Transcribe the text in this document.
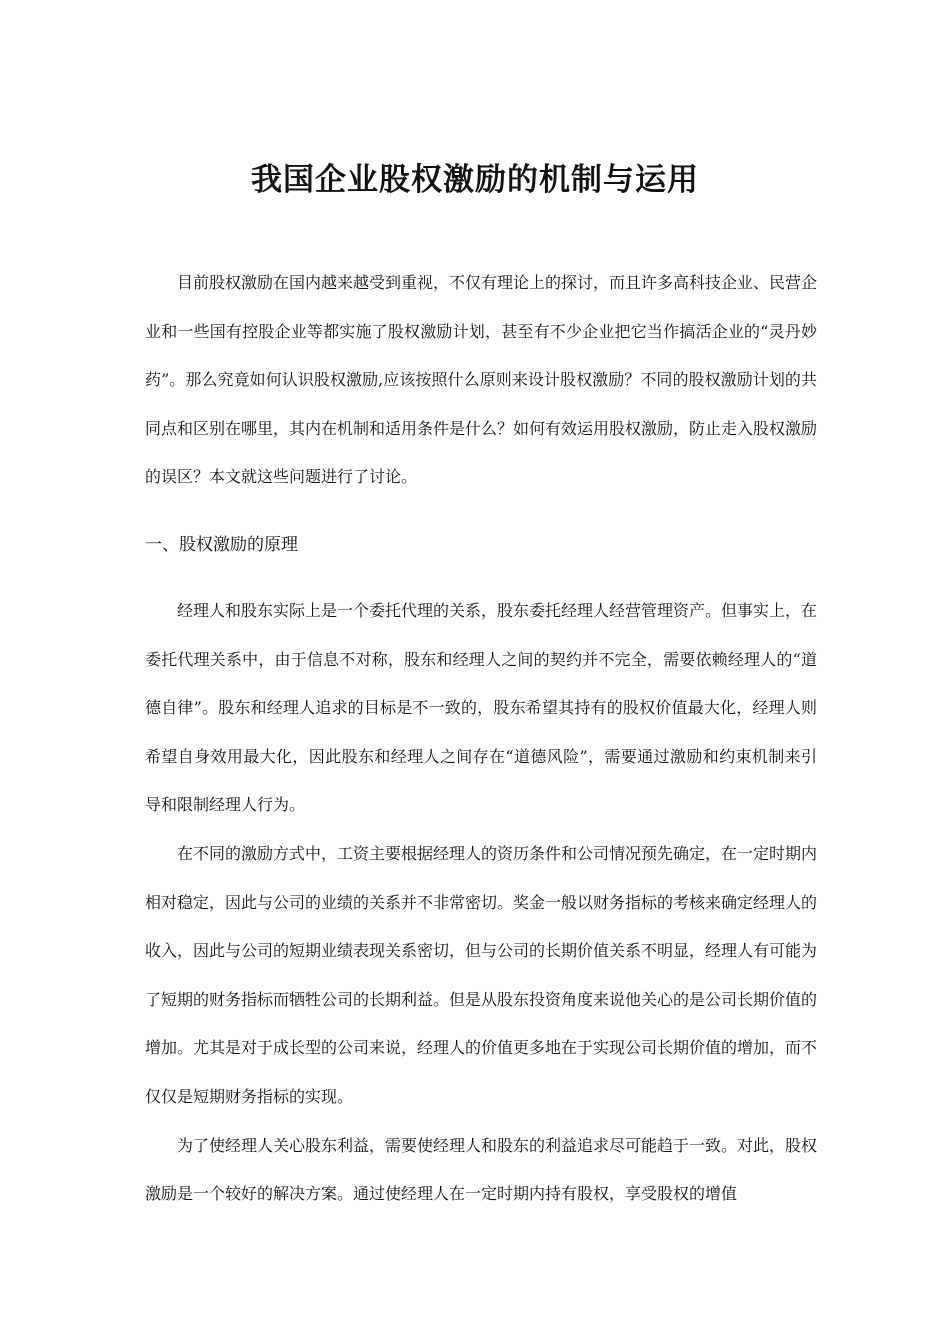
我国企业股权激励的机制与运用

目前股权激励在国内越来越受到重视，不仅有理论上的探讨，而且许多高科技企业、民营企业和一些国有控股企业等都实施了股权激励计划，甚至有不少企业把它当作搞活企业的“灵丹妙药”。那么究竟如何认识股权激励,应该按照什么原则来设计股权激励？不同的股权激励计划的共同点和区别在哪里，其内在机制和适用条件是什么？如何有效运用股权激励，防止走入股权激励的误区？本文就这些问题进行了讨论。

一、股权激励的原理

经理人和股东实际上是一个委托代理的关系，股东委托经理人经营管理资产。但事实上，在委托代理关系中，由于信息不对称，股东和经理人之间的契约并不完全，需要依赖经理人的“道德自律”。股东和经理人追求的目标是不一致的，股东希望其持有的股权价值最大化，经理人则希望自身效用最大化，因此股东和经理人之间存在“道德风险”，需要通过激励和约束机制来引导和限制经理人行为。

在不同的激励方式中，工资主要根据经理人的资历条件和公司情况预先确定，在一定时期内相对稳定，因此与公司的业绩的关系并不非常密切。奖金一般以财务指标的考核来确定经理人的收入，因此与公司的短期业绩表现关系密切，但与公司的长期价值关系不明显，经理人有可能为了短期的财务指标而牺牲公司的长期利益。但是从股东投资角度来说他关心的是公司长期价值的增加。尤其是对于成长型的公司来说，经理人的价值更多地在于实现公司长期价值的增加，而不仅仅是短期财务指标的实现。

为了使经理人关心股东利益，需要使经理人和股东的利益追求尽可能趋于一致。对此，股权激励是一个较好的解决方案。通过使经理人在一定时期内持有股权，享受股权的增值
